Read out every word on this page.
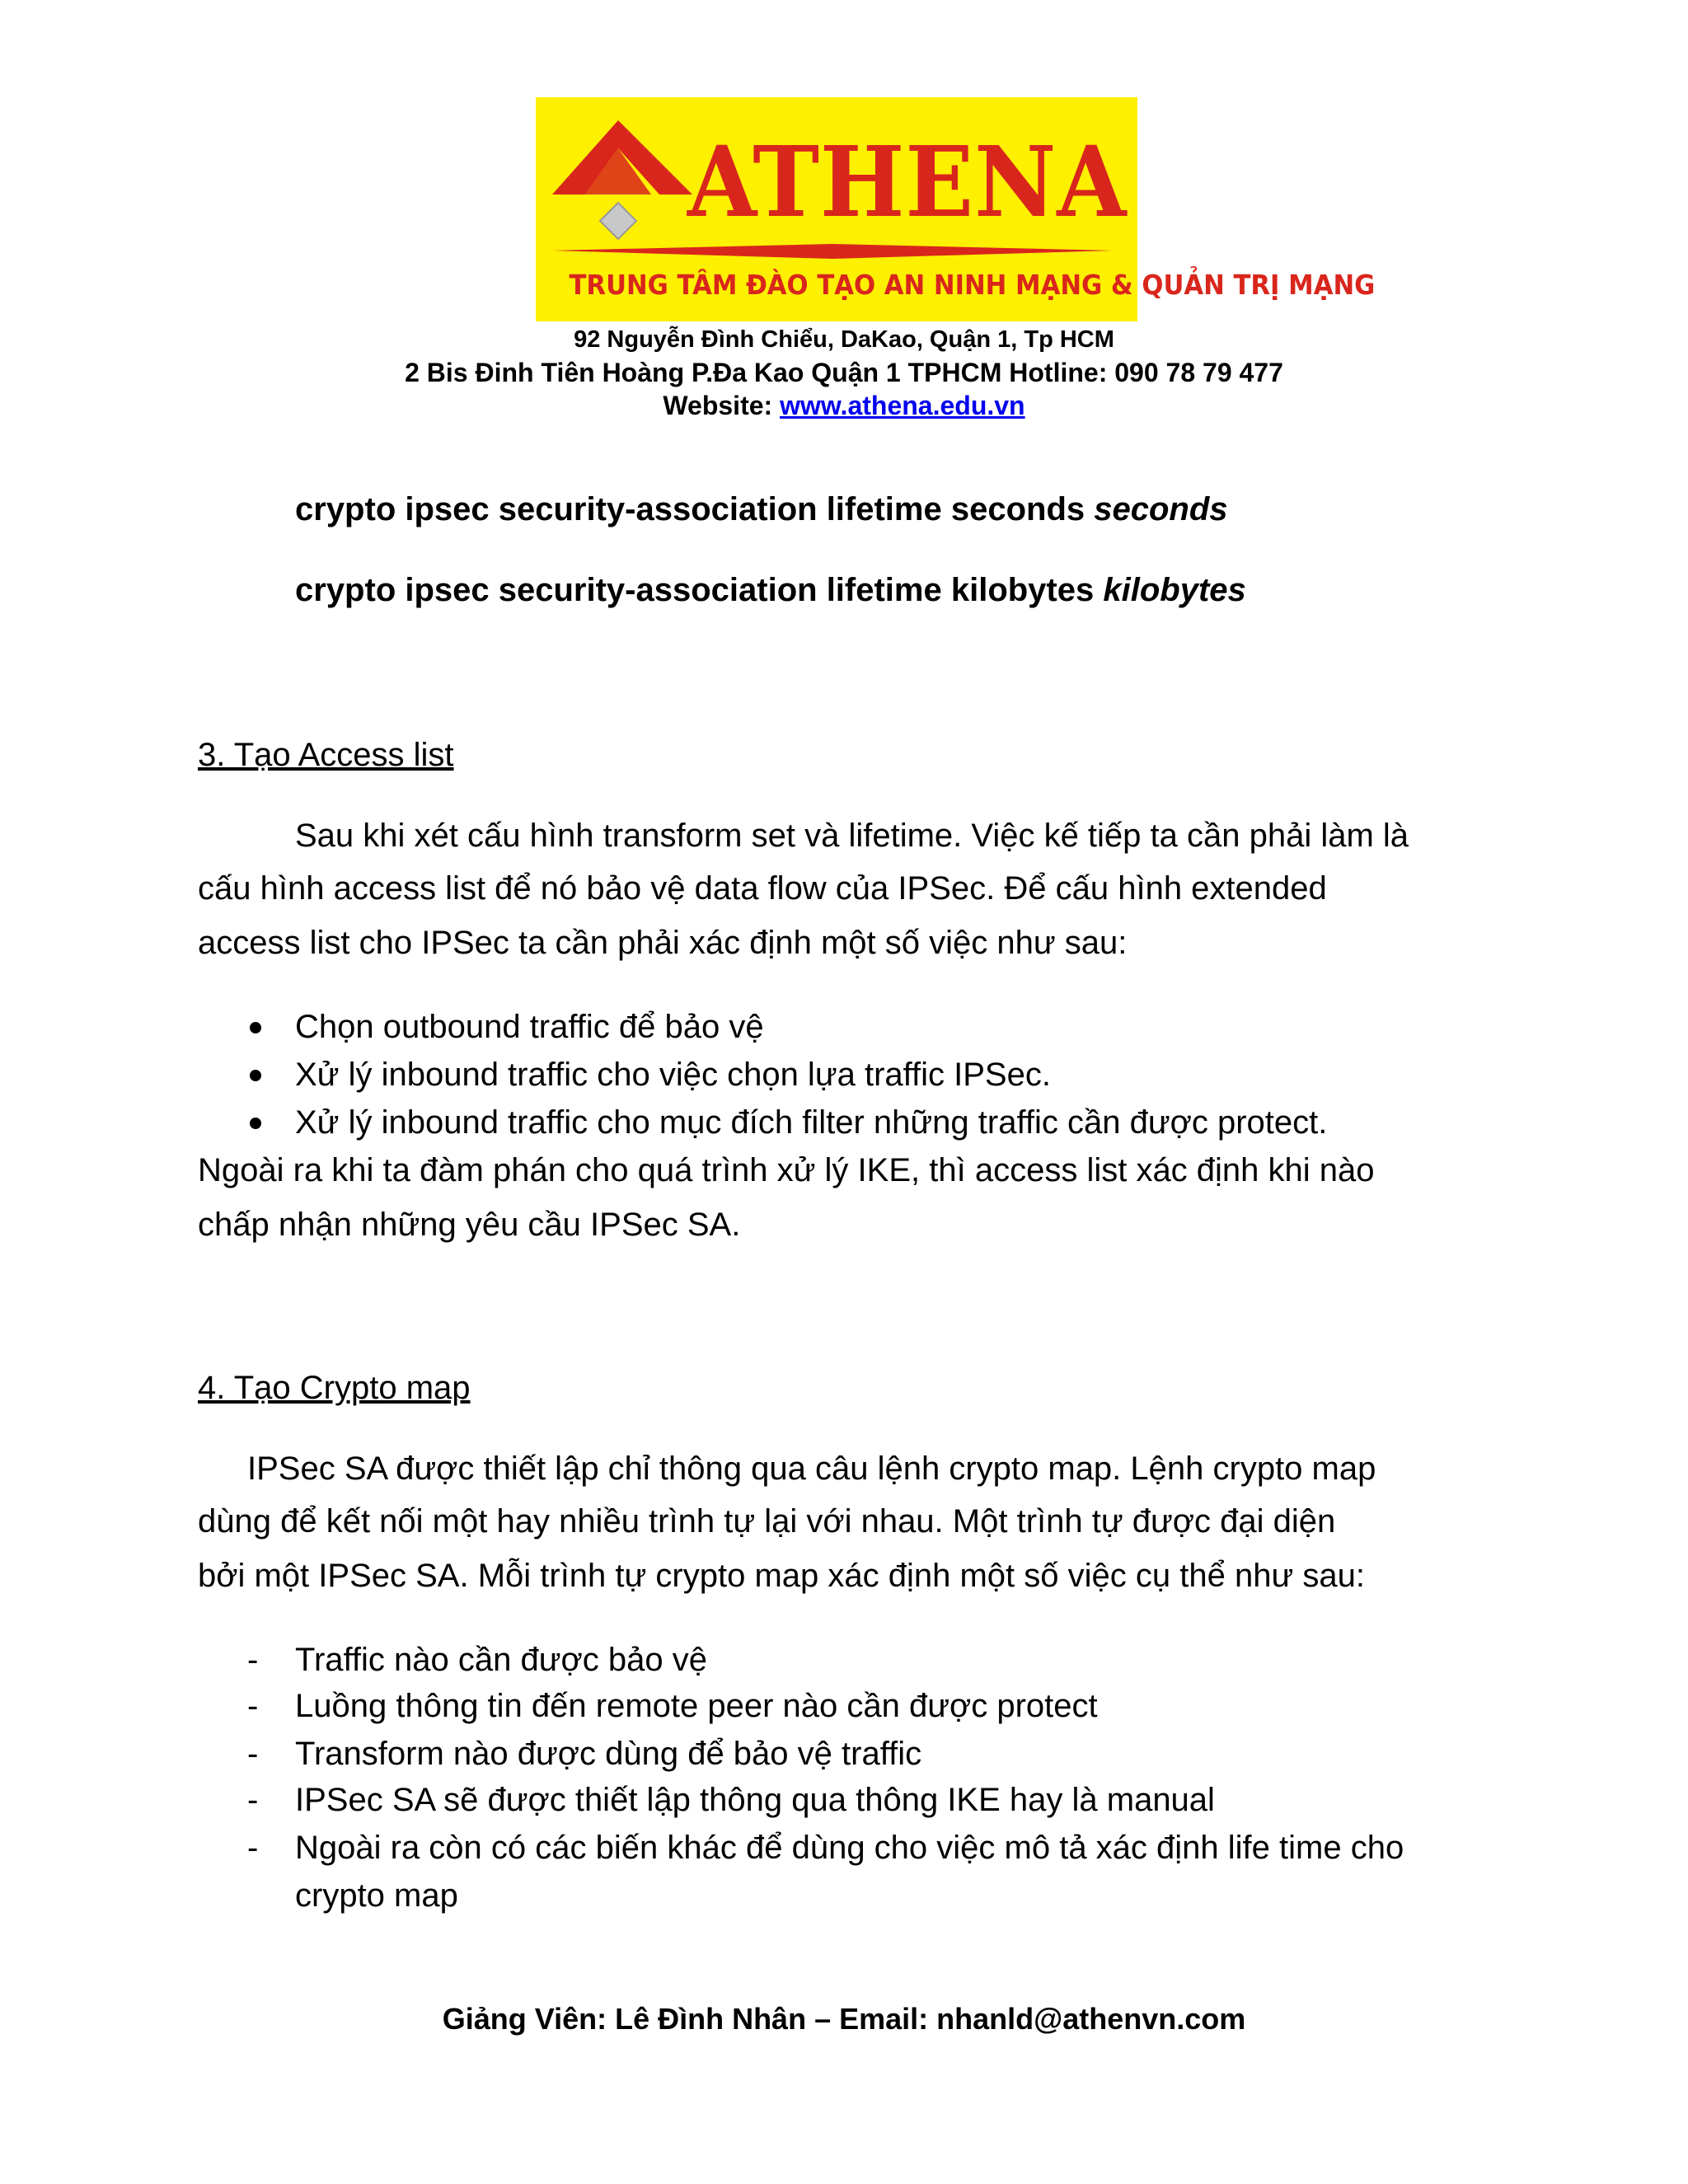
ATHENA
TRUNG TÂM ĐÀO TẠO AN NINH MẠNG & QUẢN TRỊ MẠNG
92 Nguyễn Đình Chiểu, DaKao, Quận 1, Tp HCM
2 Bis Đinh Tiên Hoàng P.Đa Kao Quận 1 TPHCM Hotline: 090 78 79 477
Website: www.athena.edu.vn
crypto ipsec security-association lifetime seconds seconds
crypto ipsec security-association lifetime kilobytes kilobytes
3. Tạo Access list
Sau khi xét cấu hình transform set và lifetime. Việc kế tiếp ta cần phải làm là
cấu hình access list để nó bảo vệ data flow của IPSec. Để cấu hình extended
access list cho IPSec ta cần phải xác định một số việc như sau:
Chọn outbound traffic để bảo vệ
Xử lý inbound traffic cho việc chọn lựa traffic IPSec.
Xử lý inbound traffic cho mục đích filter những traffic cần được protect.
Ngoài ra khi ta đàm phán cho quá trình xử lý IKE, thì access list xác định khi nào
chấp nhận những yêu cầu IPSec SA.
4. Tạo Crypto map
IPSec SA được thiết lập chỉ thông qua câu lệnh crypto map. Lệnh crypto map
dùng để kết nối một hay nhiều trình tự lại với nhau. Một trình tự được đại diện
bởi một IPSec SA. Mỗi trình tự crypto map xác định một số việc cụ thể như sau:
- Traffic nào cần được bảo vệ
- Luồng thông tin đến remote peer nào cần được protect
- Transform nào được dùng để bảo vệ traffic
- IPSec SA sẽ được thiết lập thông qua thông IKE hay là manual
- Ngoài ra còn có các biến khác để dùng cho việc mô tả xác định life time cho
crypto map
Giảng Viên: Lê Đình Nhân – Email: nhanld@athenvn.com
